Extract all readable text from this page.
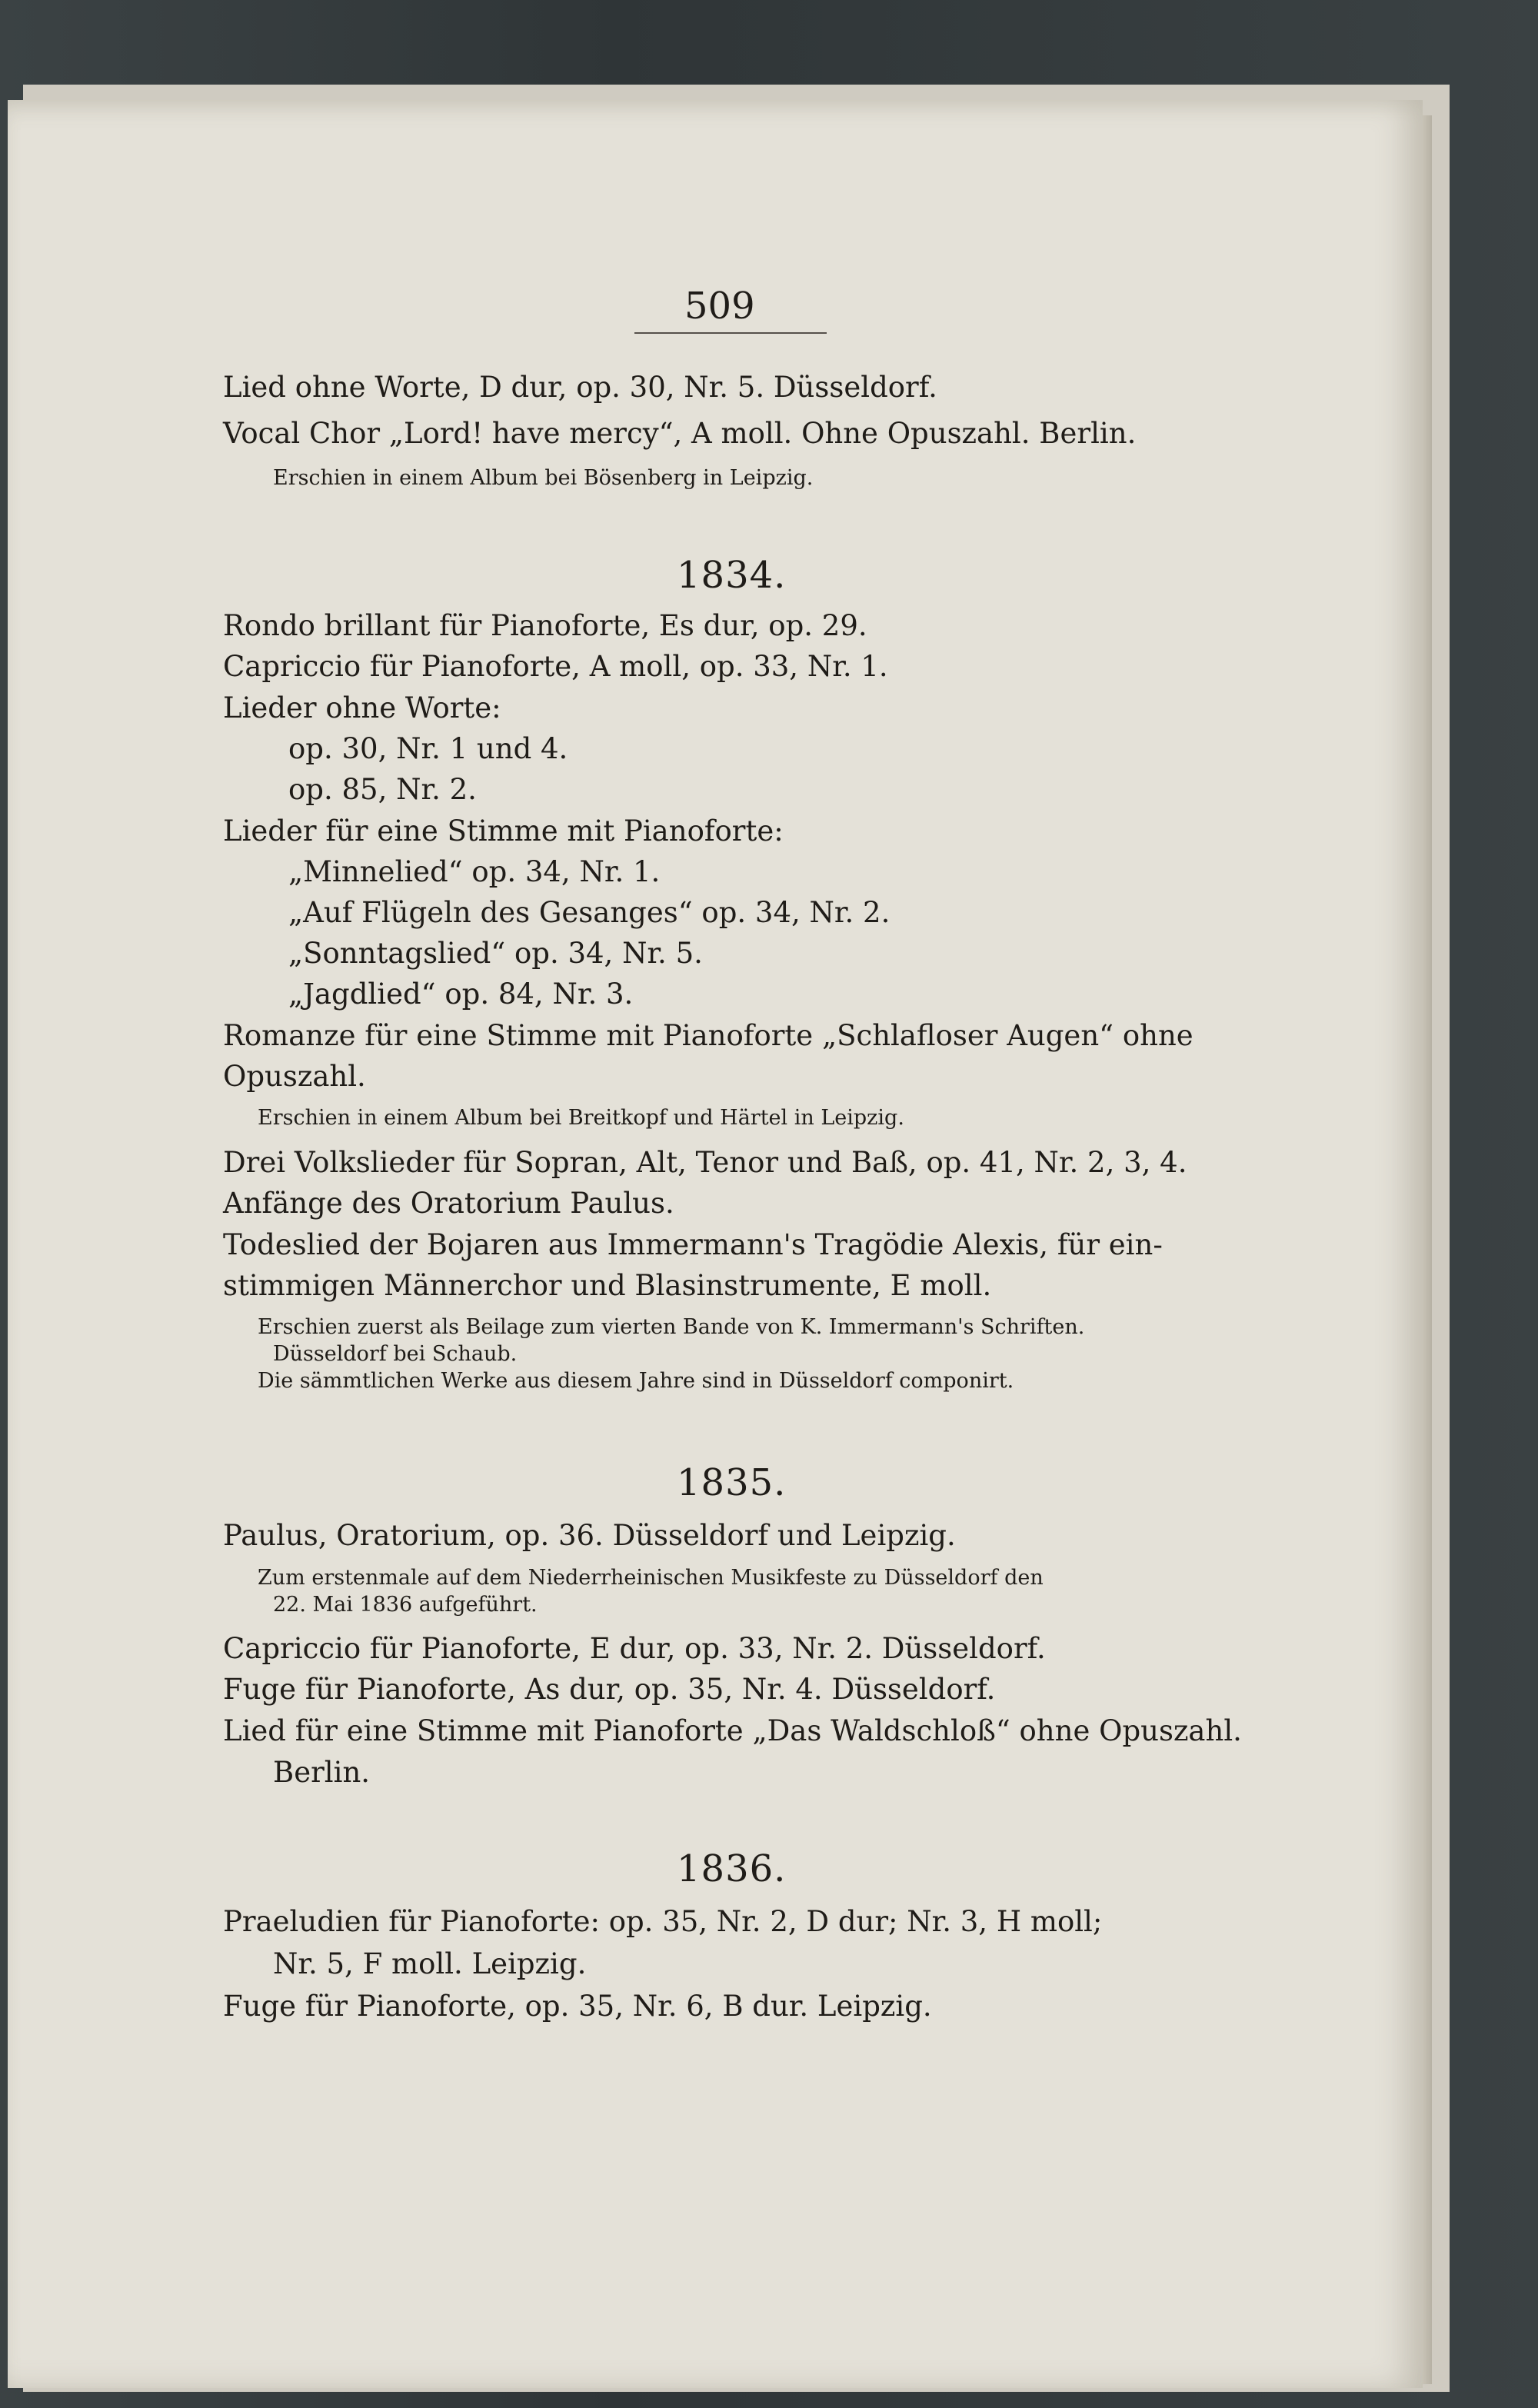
509
Lied ohne Worte, D dur, op. 30, Nr. 5. Düsseldorf.
Vocal Chor „Lord! have mercy“, A moll. Ohne Opuszahl. Berlin.
Erschien in einem Album bei Bösenberg in Leipzig.
1834.
Rondo brillant für Pianoforte, Es dur, op. 29.
Capriccio für Pianoforte, A moll, op. 33, Nr. 1.
Lieder ohne Worte:
op. 30, Nr. 1 und 4.
op. 85, Nr. 2.
Lieder für eine Stimme mit Pianoforte:
„Minnelied“ op. 34, Nr. 1.
„Auf Flügeln des Gesanges“ op. 34, Nr. 2.
„Sonntagslied“ op. 34, Nr. 5.
„Jagdlied“ op. 84, Nr. 3.
Romanze für eine Stimme mit Pianoforte „Schlafloser Augen“ ohne
Opuszahl.
Erschien in einem Album bei Breitkopf und Härtel in Leipzig.
Drei Volkslieder für Sopran, Alt, Tenor und Baß, op. 41, Nr. 2, 3, 4.
Anfänge des Oratorium Paulus.
Todeslied der Bojaren aus Immermann's Tragödie Alexis, für ein-
stimmigen Männerchor und Blasinstrumente, E moll.
Erschien zuerst als Beilage zum vierten Bande von K. Immermann's Schriften.
Düsseldorf bei Schaub.
Die sämmtlichen Werke aus diesem Jahre sind in Düsseldorf componirt.
1835.
Paulus, Oratorium, op. 36. Düsseldorf und Leipzig.
Zum erstenmale auf dem Niederrheinischen Musikfeste zu Düsseldorf den
22. Mai 1836 aufgeführt.
Capriccio für Pianoforte, E dur, op. 33, Nr. 2. Düsseldorf.
Fuge für Pianoforte, As dur, op. 35, Nr. 4. Düsseldorf.
Lied für eine Stimme mit Pianoforte „Das Waldschloß“ ohne Opuszahl.
Berlin.
1836.
Praeludien für Pianoforte: op. 35, Nr. 2, D dur; Nr. 3, H moll;
Nr. 5, F moll. Leipzig.
Fuge für Pianoforte, op. 35, Nr. 6, B dur. Leipzig.
